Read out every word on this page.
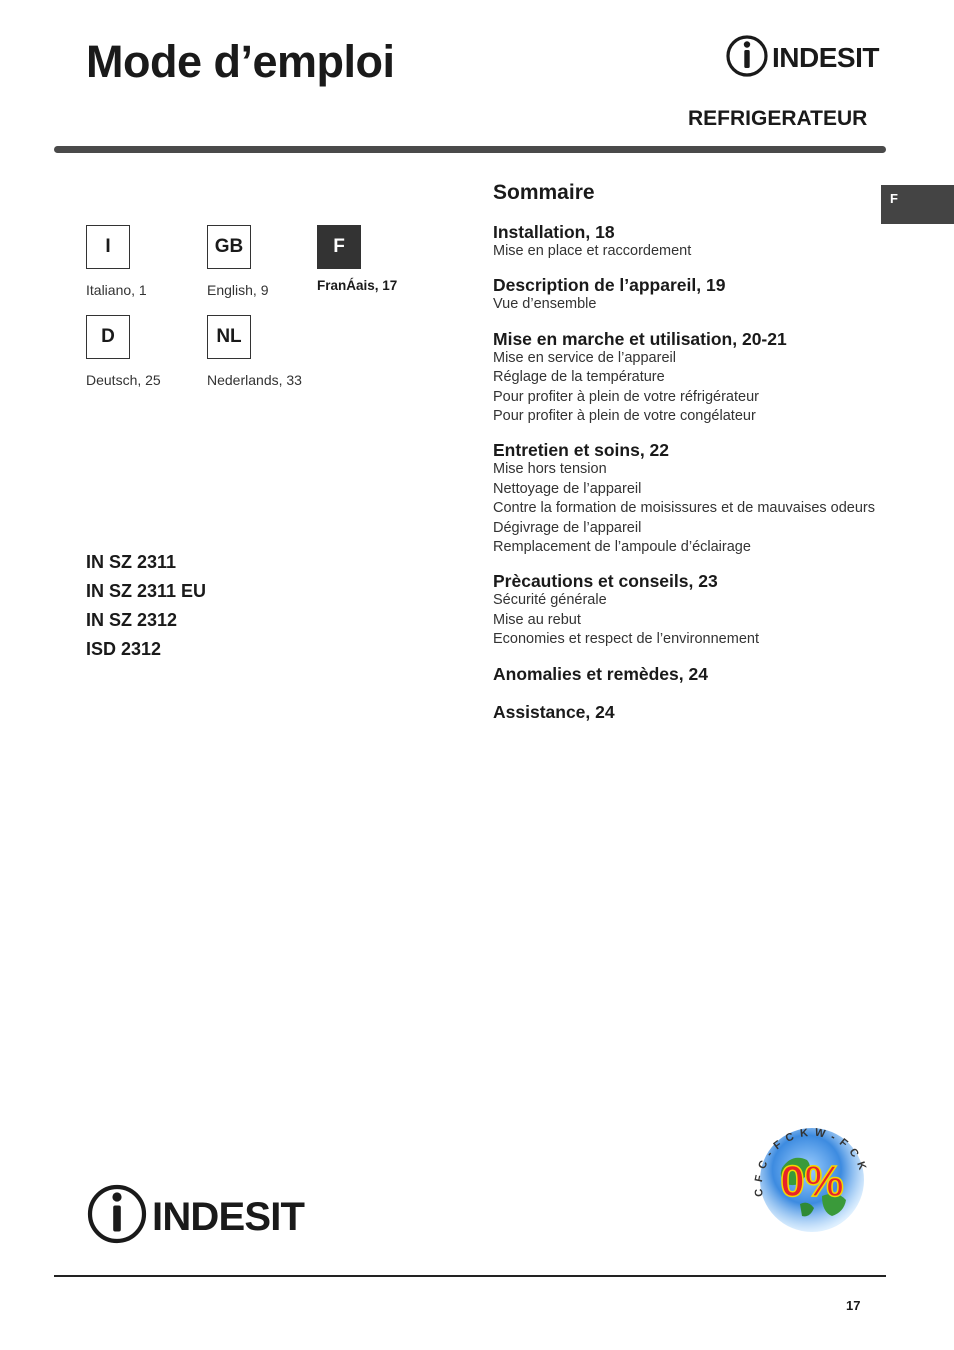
Mode d’emploi	INDESIT
REFRIGERATEUR
F
I
Italiano, 1
GB
English, 9
F
FranÁais, 17
D
Deutsch, 25
NL
Nederlands, 33
IN SZ 2311
IN SZ 2311 EU
IN SZ 2312
ISD 2312
Sommaire
Installation, 18
Mise en place et raccordement
Description de l’appareil, 19
Vue d’ensemble
Mise en marche et utilisation, 20-21
Mise en service de l’appareil
Réglage de la température
Pour profiter à plein de votre réfrigérateur
Pour profiter à plein de votre congélateur
Entretien et soins, 22
Mise hors tension
Nettoyage de l’appareil
Contre la formation de moisissures et de mauvaises odeurs
Dégivrage de l’appareil
Remplacement de l’ampoule d’éclairage
Prècautions et conseils, 23
Sécurité générale
Mise au rebut
Economies et respect de l’environnement
Anomalies et remèdes, 24
Assistance, 24
0%
CFC-FCKW-FCK
INDESIT
17
